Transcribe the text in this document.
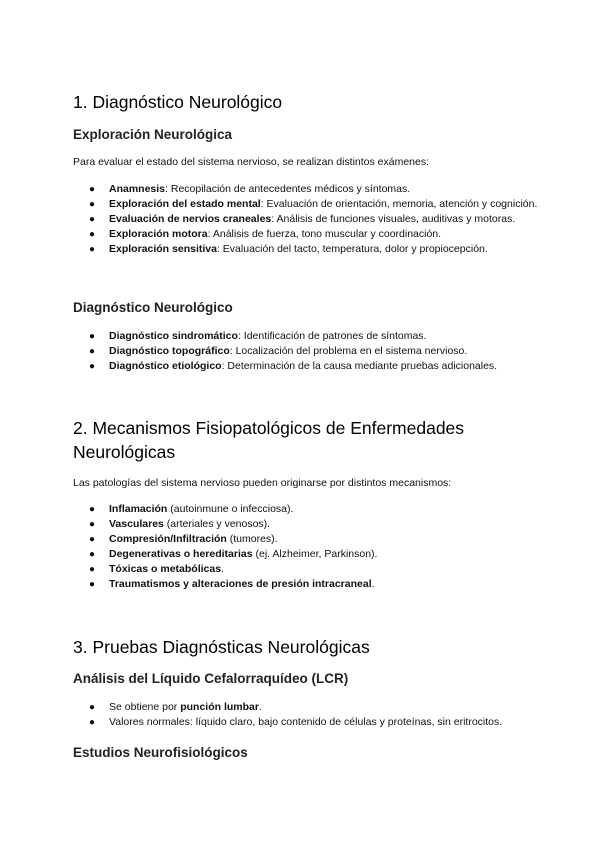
1. Diagnóstico Neurológico
Exploración Neurológica

Para evaluar el estado del sistema nervioso, se realizan distintos exámenes:

● Anamnesis: Recopilación de antecedentes médicos y síntomas.
● Exploración del estado mental: Evaluación de orientación, memoria, atención y cognición.
● Evaluación de nervios craneales: Análisis de funciones visuales, auditivas y motoras.
● Exploración motora: Análisis de fuerza, tono muscular y coordinación.
● Exploración sensitiva: Evaluación del tacto, temperatura, dolor y propiocepción.
Diagnóstico Neurológico
● Diagnóstico sindromático: Identificación de patrones de síntomas.
● Diagnóstico topográfico: Localización del problema en el sistema nervioso.
● Diagnóstico etiológico: Determinación de la causa mediante pruebas adicionales.
2. Mecanismos Fisiopatológicos de Enfermedades
Neurológicas

Las patologías del sistema nervioso pueden originarse por distintos mecanismos:

● Inflamación (autoinmune o infecciosa).
● Vasculares (arteriales y venosos).
● Compresión/Infiltración (tumores).
● Degenerativas o hereditarias (ej. Alzheimer, Parkinson).
● Tóxicas o metabólicas.
● Traumatismos y alteraciones de presión intracraneal.
3. Pruebas Diagnósticas Neurológicas
Análisis del Líquido Cefalorraquídeo (LCR)
● Se obtiene por punción lumbar.
● Valores normales: líquido claro, bajo contenido de células y proteínas, sin eritrocitos.
Estudios Neurofisiológicos
